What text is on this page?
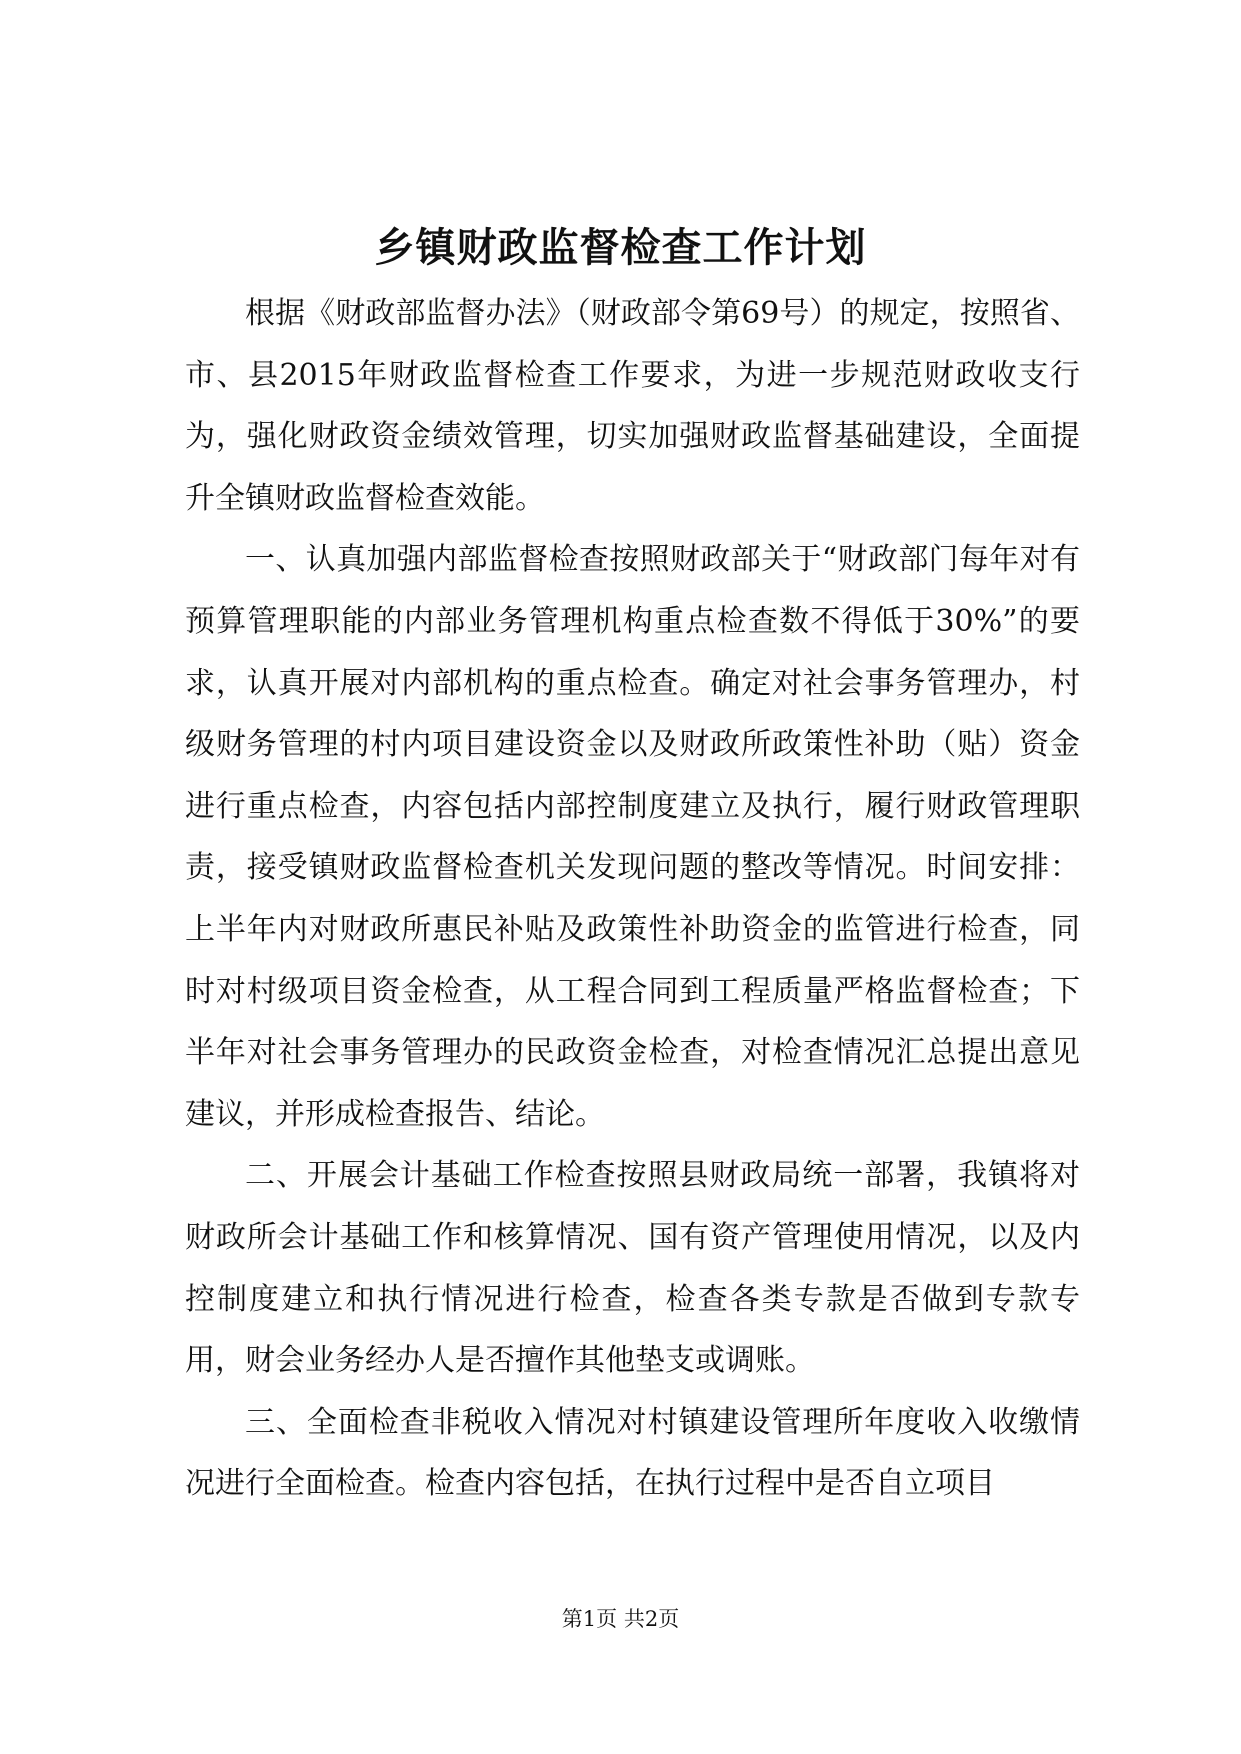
乡镇财政监督检查工作计划

根据《财政部监督办法》（财政部令第69号）的规定，按照省、市、县2015年财政监督检查工作要求，为进一步规范财政收支行为，强化财政资金绩效管理，切实加强财政监督基础建设，全面提升全镇财政监督检查效能。

一、认真加强内部监督检查按照财政部关于“财政部门每年对有预算管理职能的内部业务管理机构重点检查数不得低于30%”的要求，认真开展对内部机构的重点检查。确定对社会事务管理办，村级财务管理的村内项目建设资金以及财政所政策性补助（贴）资金进行重点检查，内容包括内部控制度建立及执行，履行财政管理职责，接受镇财政监督检查机关发现问题的整改等情况。时间安排：上半年内对财政所惠民补贴及政策性补助资金的监管进行检查，同时对村级项目资金检查，从工程合同到工程质量严格监督检查；下半年对社会事务管理办的民政资金检查，对检查情况汇总提出意见建议，并形成检查报告、结论。

二、开展会计基础工作检查按照县财政局统一部署，我镇将对财政所会计基础工作和核算情况、国有资产管理使用情况，以及内控制度建立和执行情况进行检查，检查各类专款是否做到专款专用，财会业务经办人是否擅作其他垫支或调账。

三、全面检查非税收入情况对村镇建设管理所年度收入收缴情况进行全面检查。检查内容包括，在执行过程中是否自立项目

第1页 共2页
